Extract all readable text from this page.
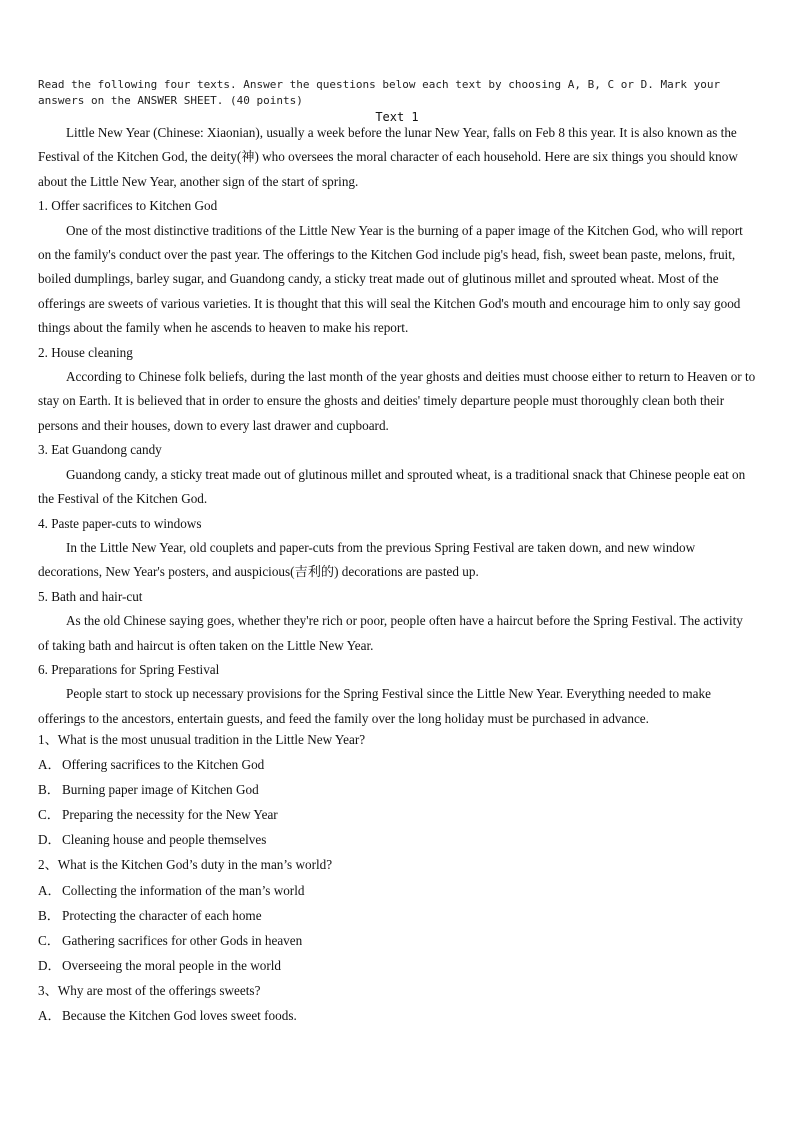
Read the following four texts. Answer the questions below each text by choosing A, B, C or D. Mark your answers on the ANSWER SHEET. (40 points)
Text 1

Little New Year (Chinese: Xiaonian), usually a week before the lunar New Year, falls on Feb 8 this year. It is also known as the Festival of the Kitchen God, the deity(神) who oversees the moral character of each household. Here are six things you should know about the Little New Year, another sign of the start of spring.

1. Offer sacrifices to Kitchen God

One of the most distinctive traditions of the Little New Year is the burning of a paper image of the Kitchen God, who will report on the family's conduct over the past year. The offerings to the Kitchen God include pig's head, fish, sweet bean paste, melons, fruit, boiled dumplings, barley sugar, and Guandong candy, a sticky treat made out of glutinous millet and sprouted wheat. Most of the offerings are sweets of various varieties. It is thought that this will seal the Kitchen God's mouth and encourage him to only say good things about the family when he ascends to heaven to make his report.

2. House cleaning

According to Chinese folk beliefs, during the last month of the year ghosts and deities must choose either to return to Heaven or to stay on Earth. It is believed that in order to ensure the ghosts and deities' timely departure people must thoroughly clean both their persons and their houses, down to every last drawer and cupboard.

3. Eat Guandong candy

Guandong candy, a sticky treat made out of glutinous millet and sprouted wheat, is a traditional snack that Chinese people eat on the Festival of the Kitchen God.

4. Paste paper-cuts to windows

In the Little New Year, old couplets and paper-cuts from the previous Spring Festival are taken down, and new window decorations, New Year's posters, and auspicious(吉利的) decorations are pasted up.

5. Bath and hair-cut

As the old Chinese saying goes, whether they're rich or poor, people often have a haircut before the Spring Festival. The activity of taking bath and haircut is often taken on the Little New Year.

6. Preparations for Spring Festival

People start to stock up necessary provisions for the Spring Festival since the Little New Year. Everything needed to make offerings to the ancestors, entertain guests, and feed the family over the long holiday must be purchased in advance.

1、What is the most unusual tradition in the Little New Year?
A．Offering sacrifices to the Kitchen God
B． Burning paper image of Kitchen God
C． Preparing the necessity for the New Year
D．Cleaning house and people themselves
2、What is the Kitchen God’s duty in the man’s world?
A．Collecting the information of the man’s world
B． Protecting the character of each home
C． Gathering sacrifices for other Gods in heaven
D．Overseeing the moral people in the world
3、Why are most of the offerings sweets?
A．Because the Kitchen God loves sweet foods.
